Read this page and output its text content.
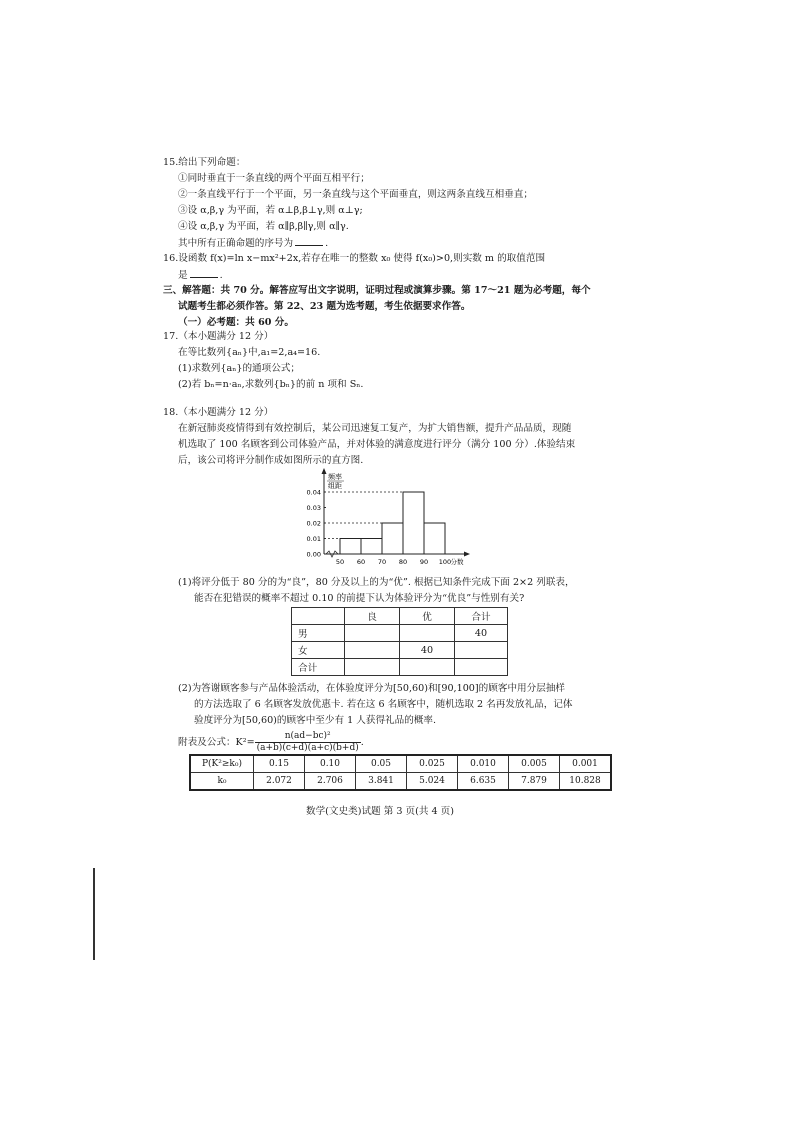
15.给出下列命题：
①同时垂直于一条直线的两个平面互相平行；
②一条直线平行于一个平面，另一条直线与这个平面垂直，则这两条直线互相垂直；
③设 α,β,γ 为平面，若 α⊥β,β⊥γ,则 α⊥γ;
④设 α,β,γ 为平面，若 α∥β,β∥γ,则 α∥γ.
其中所有正确命题的序号为	.
16.设函数 f(x)=ln x−mx²+2x,若存在唯一的整数 x₀ 使得 f(x₀)>0,则实数 m 的取值范围
是	.
三、解答题：共 70 分。解答应写出文字说明，证明过程或演算步骤。第 17～21 题为必考题，每个
试题考生都必须作答。第 22、23 题为选考题，考生依据要求作答。
（一）必考题：共 60 分。
17.（本小题满分 12 分）
在等比数列{aₙ}中,a₁=2,a₄=16.
(1)求数列{aₙ}的通项公式；
(2)若 bₙ=n·aₙ,求数列{bₙ}的前 n 项和 Sₙ.
18.（本小题满分 12 分）
在新冠肺炎疫情得到有效控制后，某公司迅速复工复产，为扩大销售额，提升产品品质，现随
机选取了 100 名顾客到公司体验产品，并对体验的满意度进行评分（满分 100 分）.体验结束
后，该公司将评分制作成如图所示的直方图.
频率
组距
0.00
0.01
0.02
0.03
0.04
50 60 70 80 90 100 分数
(1)将评分低于 80 分的为“良”，80 分及以上的为“优”. 根据已知条件完成下面 2×2 列联表，
能否在犯错误的概率不超过 0.10 的前提下认为体验评分为“优良”与性别有关?
	良	优	合计
男			40
女		40	
合计			
(2)为答谢顾客参与产品体验活动，在体验度评分为[50,60)和[90,100]的顾客中用分层抽样
的方法选取了 6 名顾客发放优惠卡. 若在这 6 名顾客中，随机选取 2 名再发放礼品，记体
验度评分为[50,60)的顾客中至少有 1 人获得礼品的概率.
附表及公式：$K^2= \frac{\text{n(ad−bc)²}}{(a+b)(c+d)(a+c)(b+d)}$ .
P(K²≥k₀)	0.15	0.10	0.05	0.025	0.010	0.005	0.001
k₀	2.072	2.706	3.841	5.024	6.635	7.879	10.828
数学(文史类)试题 第 3 页(共 4 页)
